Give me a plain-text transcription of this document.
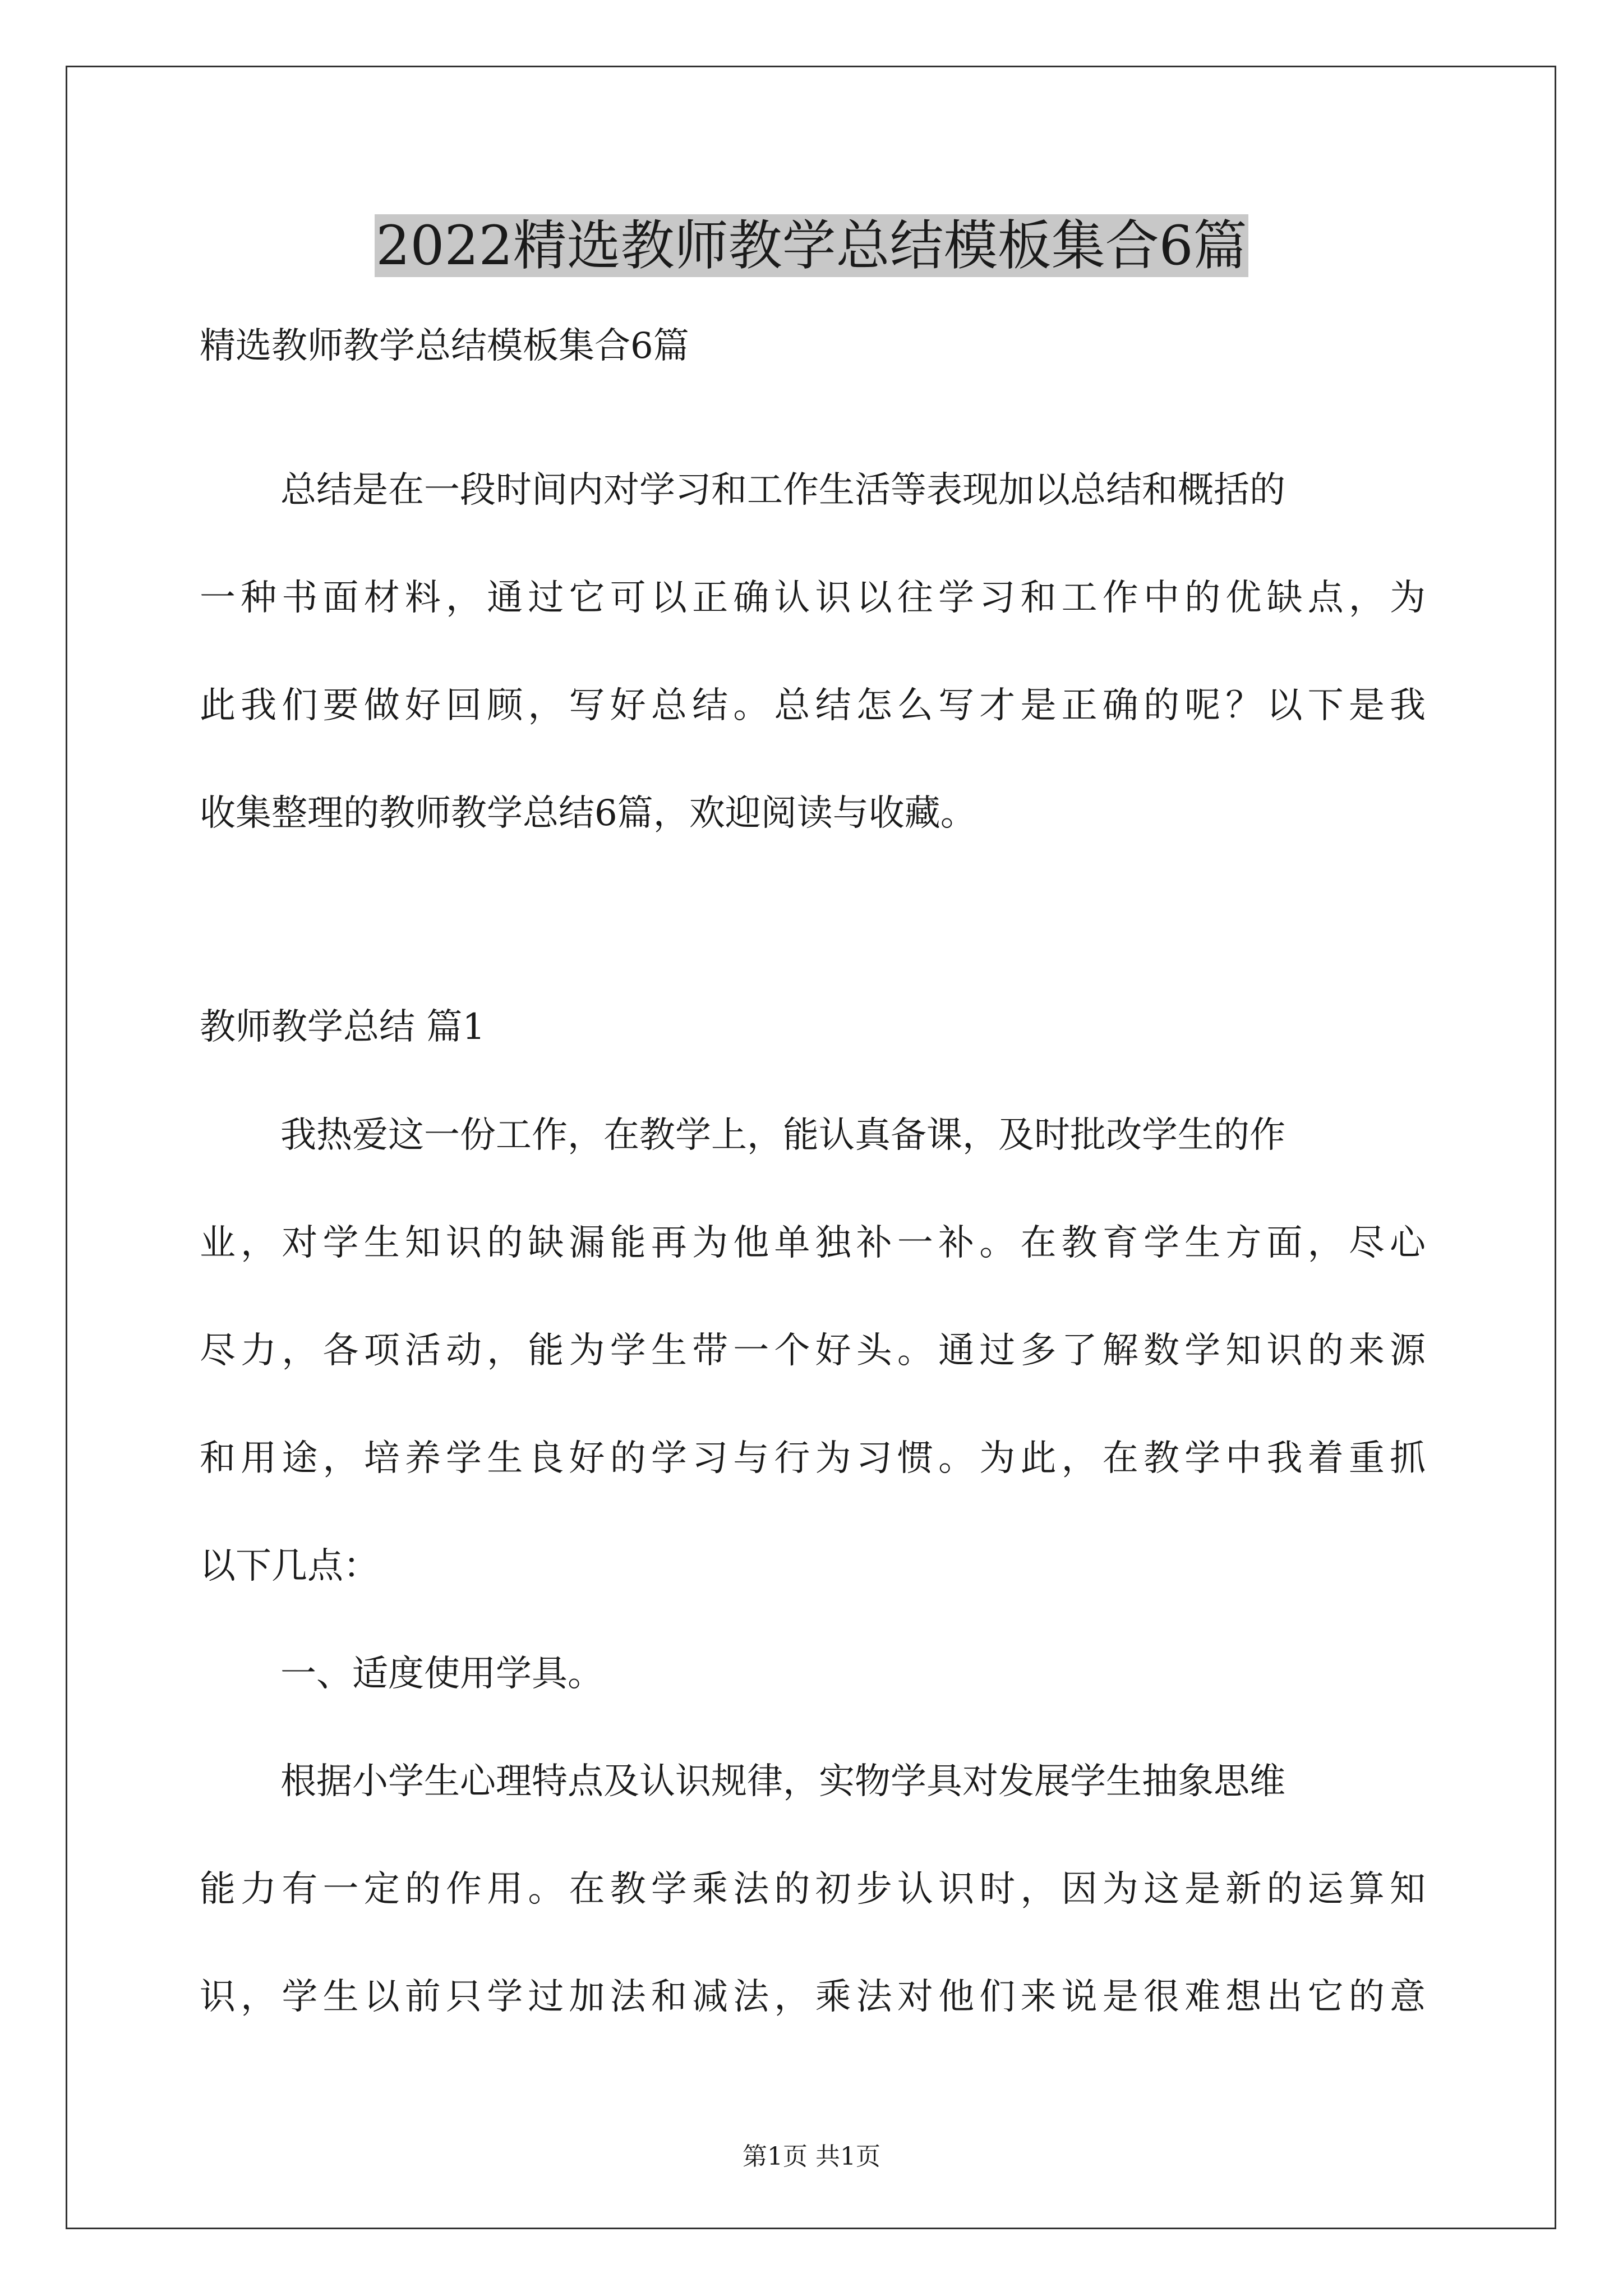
2022精选教师教学总结模板集合6篇
精选教师教学总结模板集合6篇
总结是在一段时间内对学习和工作生活等表现加以总结和概括的
一种书面材料，通过它可以正确认识以往学习和工作中的优缺点，为
此我们要做好回顾，写好总结。总结怎么写才是正确的呢？以下是我
收集整理的教师教学总结6篇，欢迎阅读与收藏。
教师教学总结 篇1
我热爱这一份工作，在教学上，能认真备课，及时批改学生的作
业，对学生知识的缺漏能再为他单独补一补。在教育学生方面，尽心
尽力，各项活动，能为学生带一个好头。通过多了解数学知识的来源
和用途，培养学生良好的学习与行为习惯。为此，在教学中我着重抓
以下几点：
一、适度使用学具。
根据小学生心理特点及认识规律，实物学具对发展学生抽象思维
能力有一定的作用。在教学乘法的初步认识时，因为这是新的运算知
识，学生以前只学过加法和减法，乘法对他们来说是很难想出它的意
第1页 共1页
